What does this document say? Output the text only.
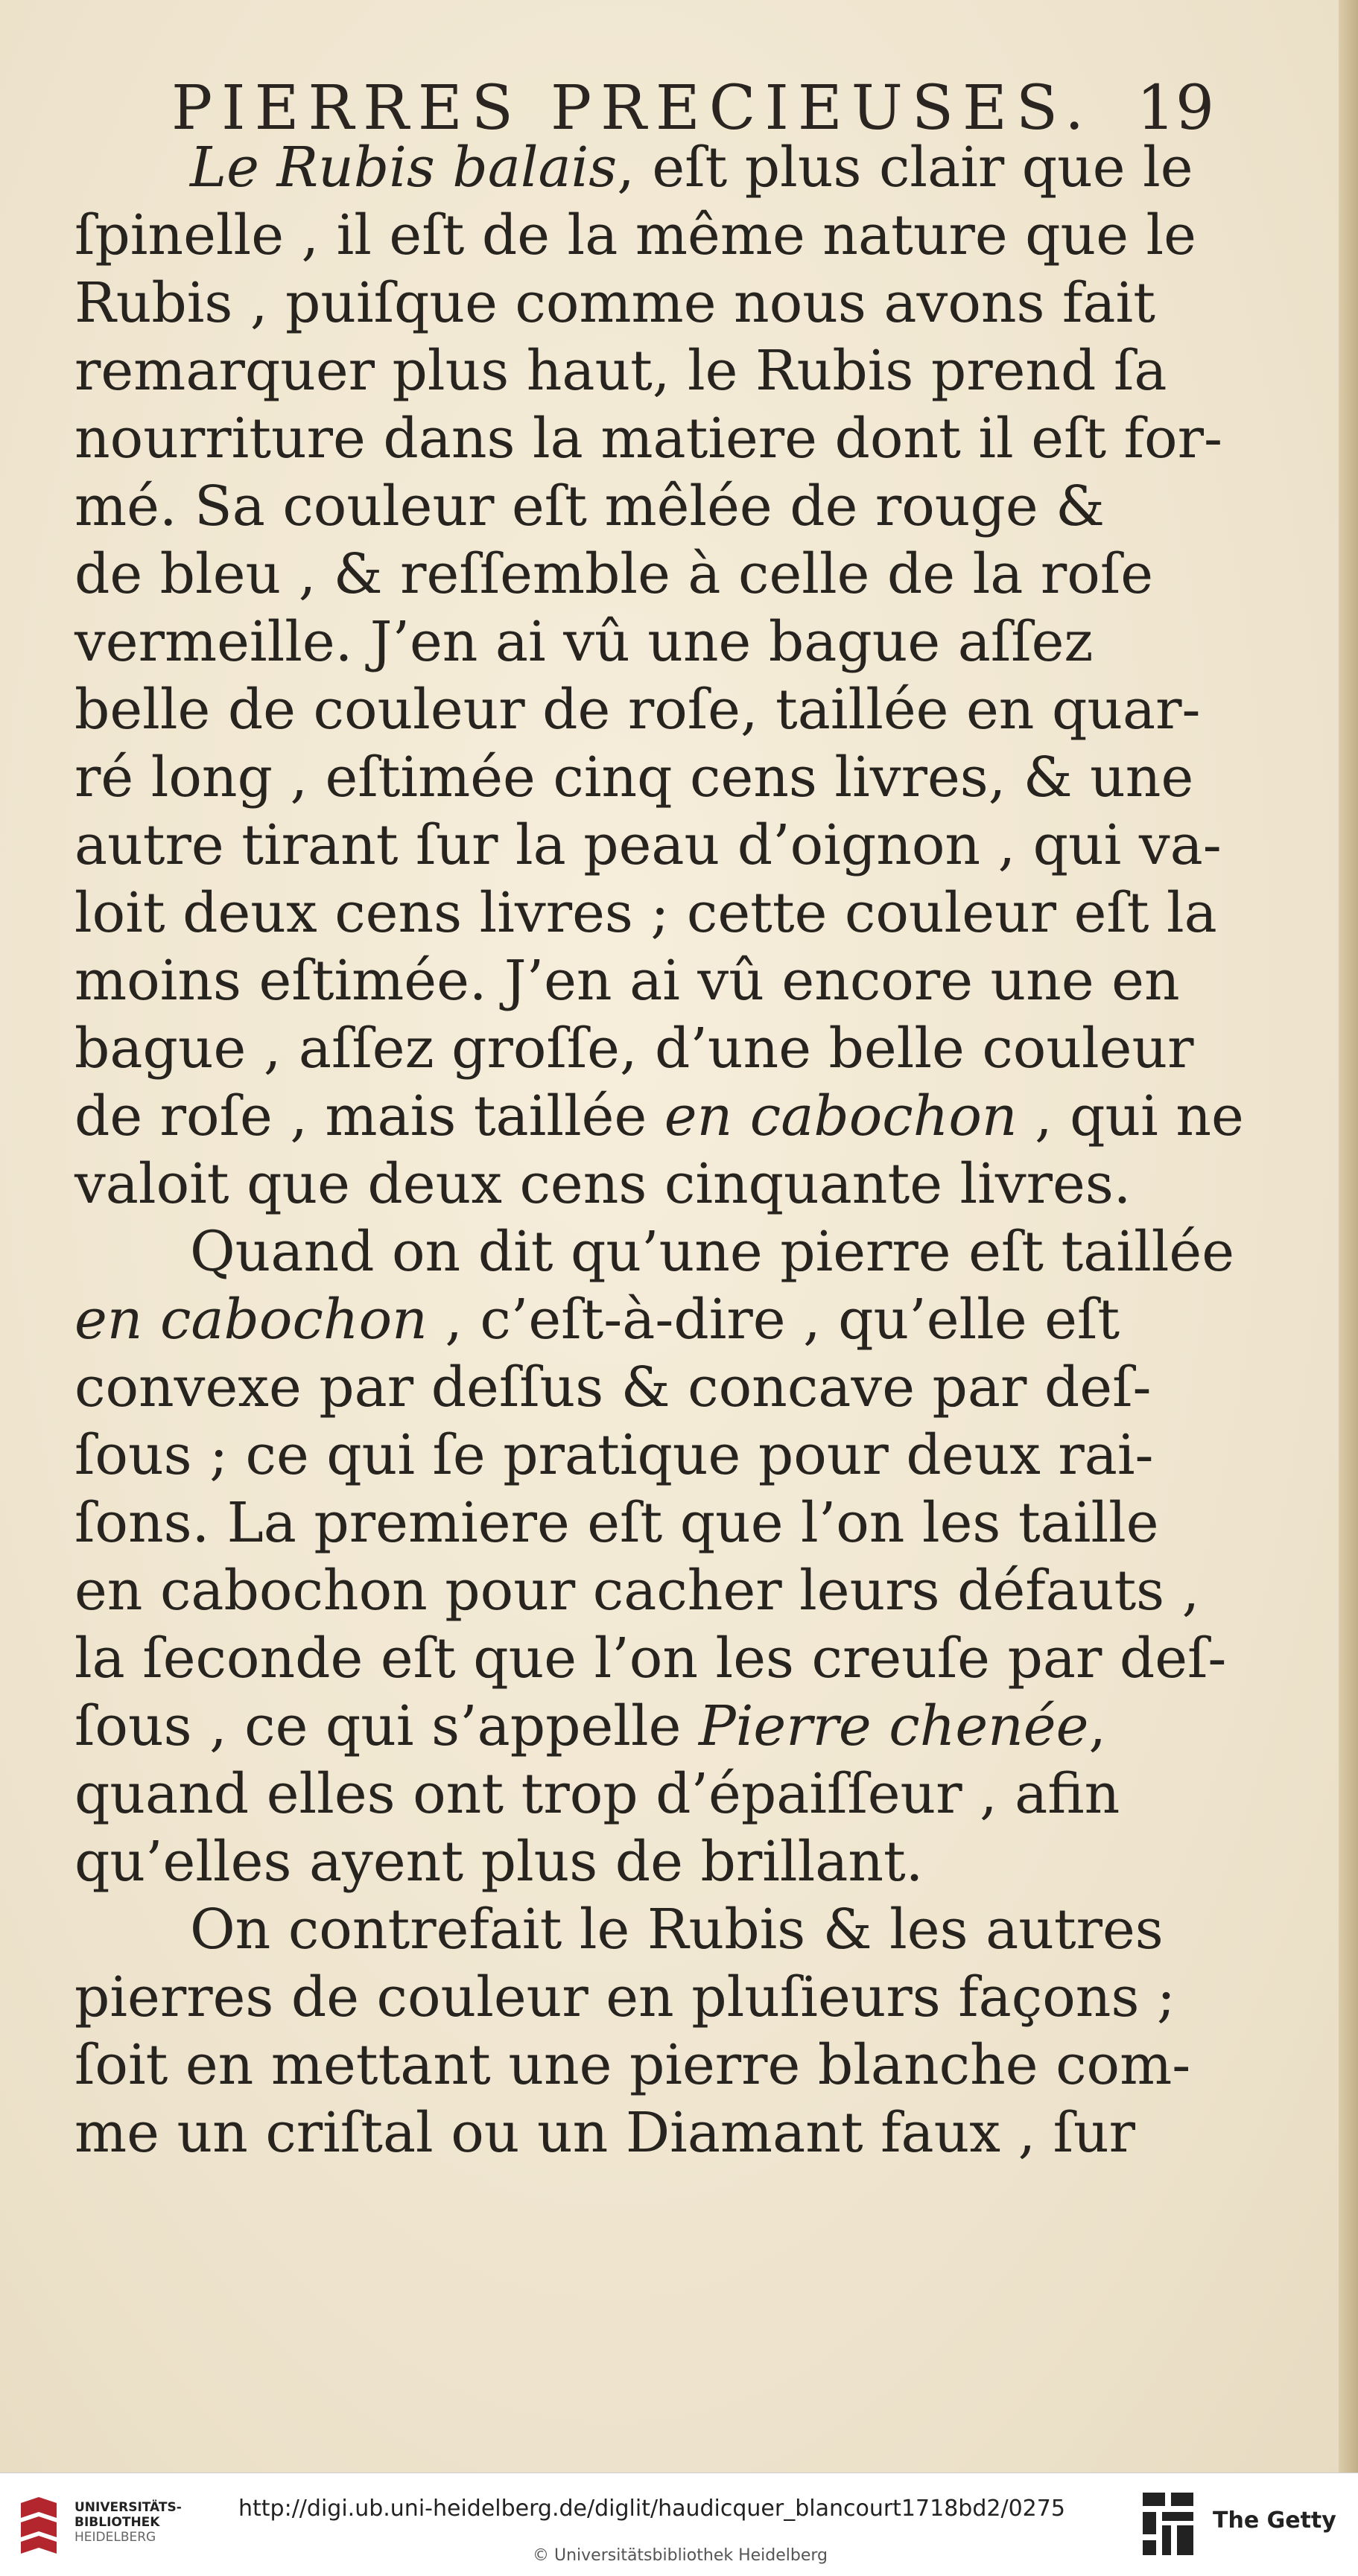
PIERRES PRECIEUSES. 19
Le Rubis balais, eſt plus clair que le
ſpinelle , il eſt de la même nature que le
Rubis , puiſque comme nous avons fait
remarquer plus haut, le Rubis prend ſa
nourriture dans la matiere dont il eſt for-
mé. Sa couleur eſt mêlée de rouge &
de bleu , & reſſemble à celle de la roſe
vermeille. J’en ai vû une bague aſſez
belle de couleur de roſe, taillée en quar-
ré long , eſtimée cinq cens livres, & une
autre tirant ſur la peau d’oignon , qui va-
loit deux cens livres ; cette couleur eſt la
moins eſtimée. J’en ai vû encore une en
bague , aſſez groſſe, d’une belle couleur
de roſe , mais taillée en cabochon , qui ne
valoit que deux cens cinquante livres.
Quand on dit qu’une pierre eſt taillée
en cabochon , c’eſt-à-dire , qu’elle eſt
convexe par deſſus & concave par deſ-
ſous ; ce qui ſe pratique pour deux rai-
ſons. La premiere eſt que l’on les taille
en cabochon pour cacher leurs défauts ,
la ſeconde eſt que l’on les creuſe par deſ-
ſous , ce qui s’appelle Pierre chenée,
quand elles ont trop d’épaiſſeur , afin
qu’elles ayent plus de brillant.
On contrefait le Rubis & les autres
pierres de couleur en pluſieurs façons ;
ſoit en mettant une pierre blanche com-
me un criſtal ou un Diamant faux , ſur
UNIVERSITÄTS-
BIBLIOTHEK
HEIDELBERG
http://digi.ub.uni-heidelberg.de/diglit/haudicquer_blancourt1718bd2/0275
© Universitätsbibliothek Heidelberg
The Getty
